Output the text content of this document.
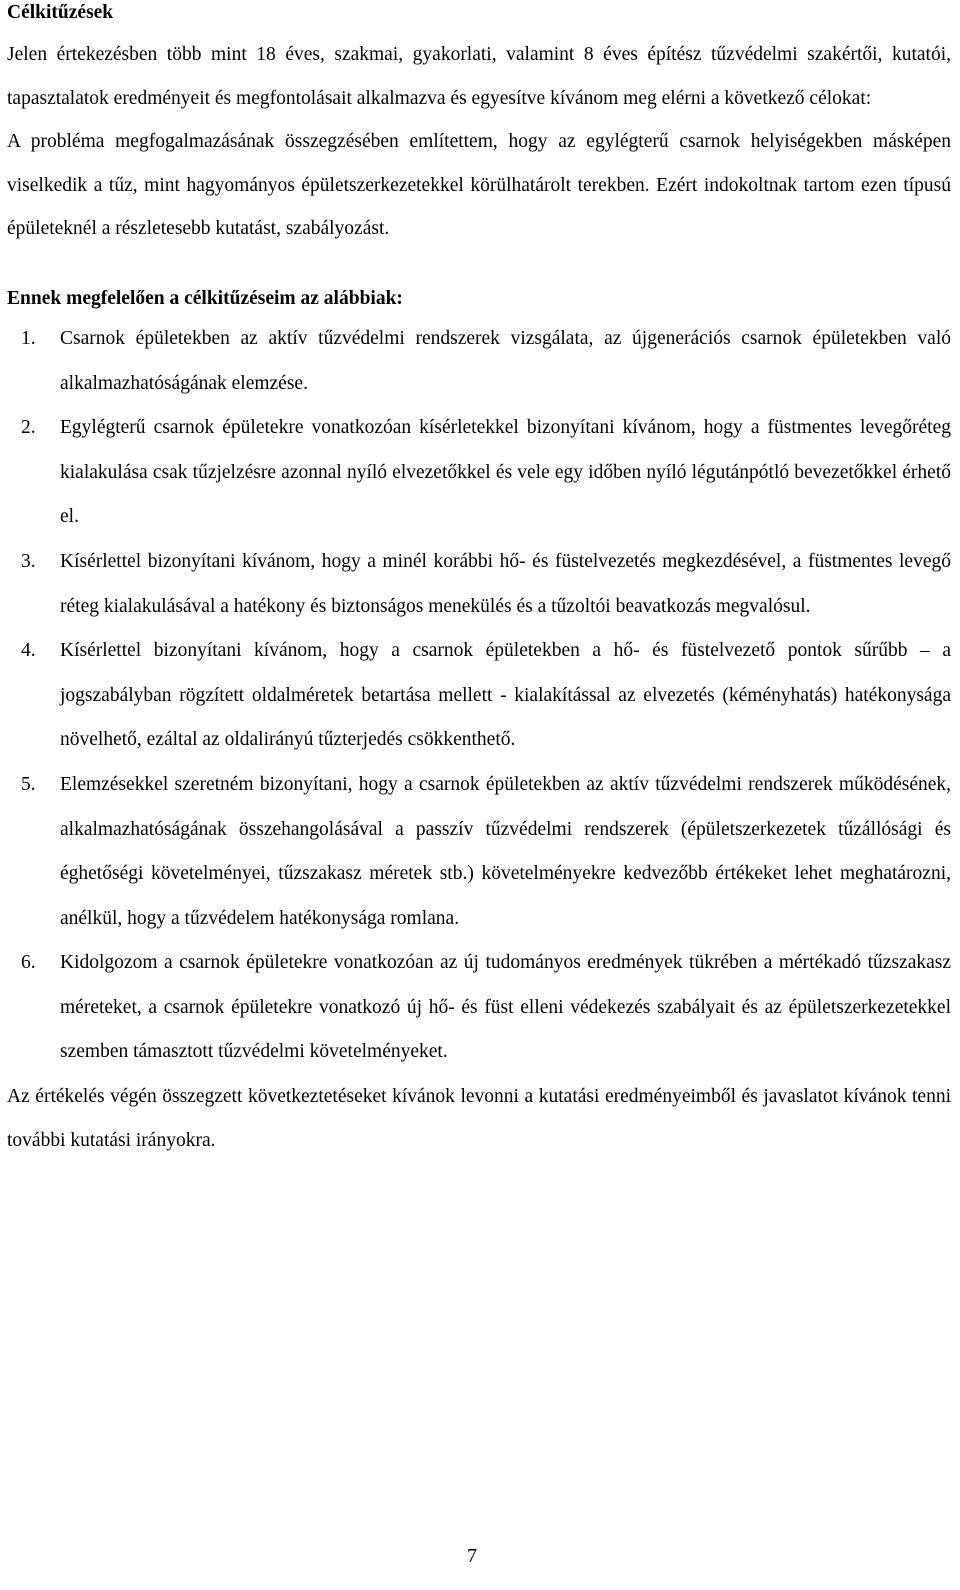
Célkitűzések

Jelen értekezésben több mint 18 éves, szakmai, gyakorlati, valamint 8 éves építész tűzvédelmi szakértői, kutatói, tapasztalatok eredményeit és megfontolásait alkalmazva és egyesítve kívánom meg elérni a következő célokat:

A probléma megfogalmazásának összegzésében említettem, hogy az egylégterű csarnok helyiségekben másképen viselkedik a tűz, mint hagyományos épületszerkezetekkel körülhatárolt terekben. Ezért indokoltnak tartom ezen típusú épületeknél a részletesebb kutatást, szabályozást.

Ennek megfelelően a célkitűzéseim az alábbiak:
1. Csarnok épületekben az aktív tűzvédelmi rendszerek vizsgálata, az újgenerációs csarnok épületekben való alkalmazhatóságának elemzése.
2. Egylégterű csarnok épületekre vonatkozóan kísérletekkel bizonyítani kívánom, hogy a füstmentes levegőréteg kialakulása csak tűzjelzésre azonnal nyíló elvezetőkkel és vele egy időben nyíló légutánpótló bevezetőkkel érhető el.
3. Kísérlettel bizonyítani kívánom, hogy a minél korábbi hő- és füstelvezetés megkezdésével, a füstmentes levegő réteg kialakulásával a hatékony és biztonságos menekülés és a tűzoltói beavatkozás megvalósul.
4. Kísérlettel bizonyítani kívánom, hogy a csarnok épületekben a hő- és füstelvezető pontok sűrűbb – a jogszabályban rögzített oldalméretek betartása mellett - kialakítással az elvezetés (kéményhatás) hatékonysága növelhető, ezáltal az oldalirányú tűzterjedés csökkenthető.
5. Elemzésekkel szeretném bizonyítani, hogy a csarnok épületekben az aktív tűzvédelmi rendszerek működésének, alkalmazhatóságának összehangolásával a passzív tűzvédelmi rendszerek (épületszerkezetek tűzállósági és éghetőségi követelményei, tűzszakasz méretek stb.) követelményekre kedvezőbb értékeket lehet meghatározni, anélkül, hogy a tűzvédelem hatékonysága romlana.
6. Kidolgozom a csarnok épületekre vonatkozóan az új tudományos eredmények tükrében a mértékadó tűzszakasz méreteket, a csarnok épületekre vonatkozó új hő- és füst elleni védekezés szabályait és az épületszerkezetekkel szemben támasztott tűzvédelmi követelményeket.

Az értékelés végén összegzett következtetéseket kívánok levonni a kutatási eredményeimből és javaslatot kívánok tenni további kutatási irányokra.

7
